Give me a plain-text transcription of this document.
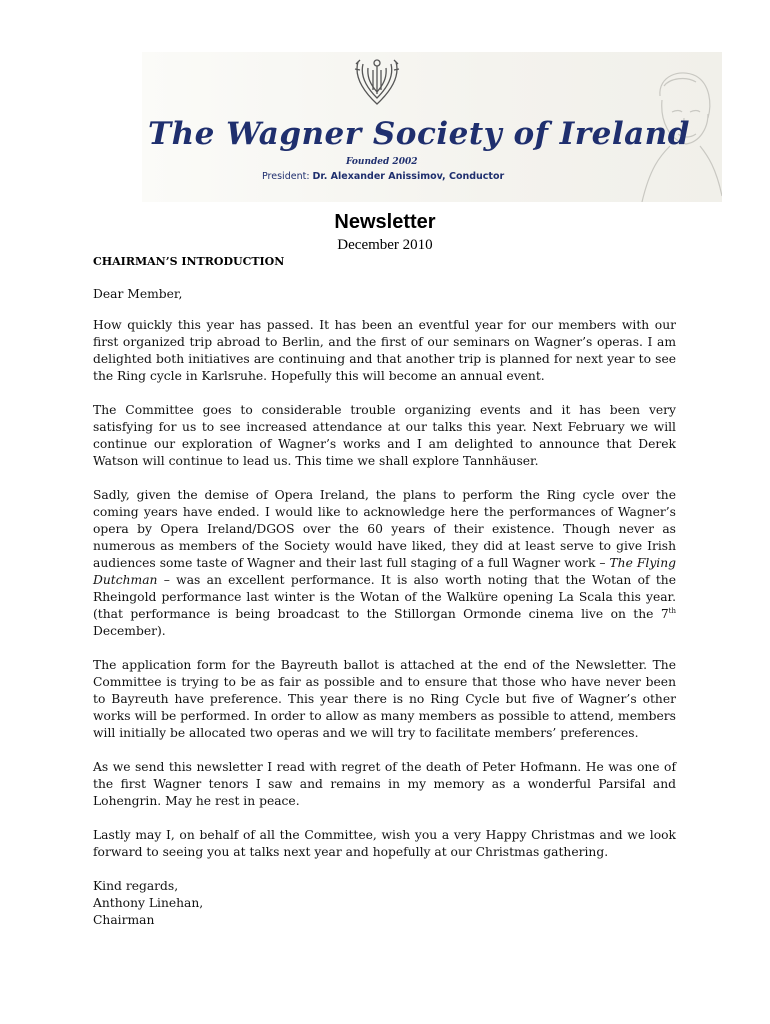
The Wagner Society of Ireland
Founded 2002
President: Dr. Alexander Anissimov, Conductor
Newsletter
December 2010
CHAIRMAN’S INTRODUCTION

Dear Member,

How quickly this year has passed. It has been an eventful year for our members with our first organized trip abroad to Berlin, and the first of our seminars on Wagner’s operas. I am delighted both initiatives are continuing and that another trip is planned for next year to see the Ring cycle in Karlsruhe. Hopefully this will become an annual event.

The Committee goes to considerable trouble organizing events and it has been very satisfying for us to see increased attendance at our talks this year. Next February we will continue our exploration of Wagner’s works and I am delighted to announce that Derek Watson will continue to lead us. This time we shall explore Tannhäuser.

Sadly, given the demise of Opera Ireland, the plans to perform the Ring cycle over the coming years have ended. I would like to acknowledge here the performances of Wagner’s opera by Opera Ireland/DGOS over the 60 years of their existence. Though never as numerous as members of the Society would have liked, they did at least serve to give Irish audiences some taste of Wagner and their last full staging of a full Wagner work – The Flying Dutchman – was an excellent performance. It is also worth noting that the Wotan of the Rheingold performance last winter is the Wotan of the Walküre opening La Scala this year. (that performance is being broadcast to the Stillorgan Ormonde cinema live on the 7th December).

The application form for the Bayreuth ballot is attached at the end of the Newsletter. The Committee is trying to be as fair as possible and to ensure that those who have never been to Bayreuth have preference. This year there is no Ring Cycle but five of Wagner’s other works will be performed. In order to allow as many members as possible to attend, members will initially be allocated two operas and we will try to facilitate members’ preferences.

As we send this newsletter I read with regret of the death of Peter Hofmann. He was one of the first Wagner tenors I saw and remains in my memory as a wonderful Parsifal and Lohengrin. May he rest in peace.

Lastly may I, on behalf of all the Committee, wish you a very Happy Christmas and we look forward to seeing you at talks next year and hopefully at our Christmas gathering.

Kind regards,
Anthony Linehan,
Chairman
